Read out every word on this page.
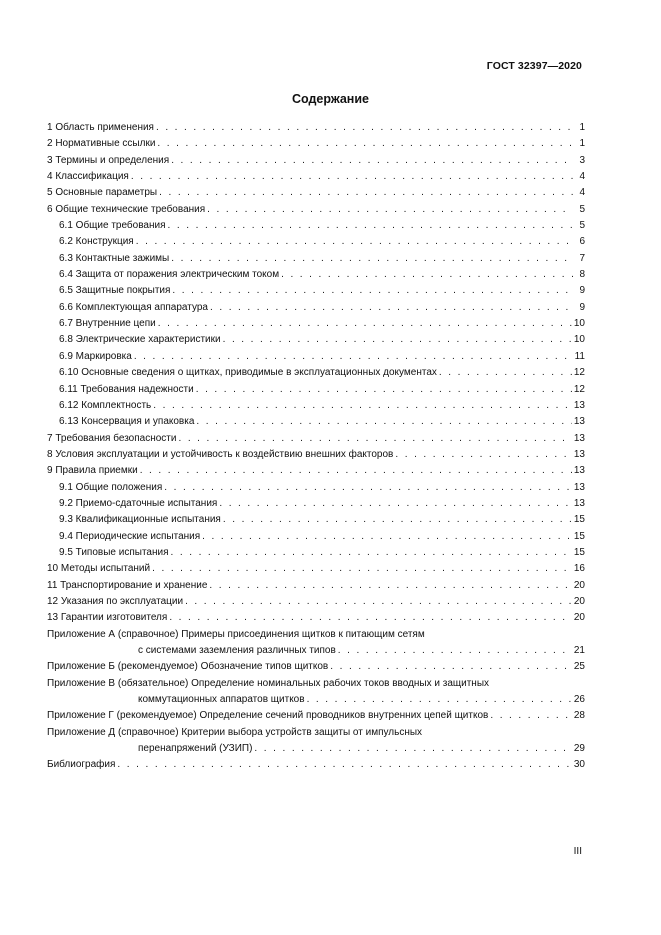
ГОСТ 32397—2020
Содержание
1 Область применения . . .	1
2 Нормативные ссылки . . .	1
3 Термины и определения . . .	3
4 Классификация . . .	4
5 Основные параметры . . .	4
6 Общие технические требования . . .	5
6.1 Общие требования . . .	5
6.2 Конструкция . . .	6
6.3 Контактные зажимы . . .	7
6.4 Защита от поражения электрическим током . . .	8
6.5 Защитные покрытия . . .	9
6.6 Комплектующая аппаратура . . .	9
6.7 Внутренние цепи . . .	10
6.8 Электрические характеристики . . .	10
6.9 Маркировка . . .	11
6.10 Основные сведения о щитках, приводимые в эксплуатационных документах . . .	12
6.11 Требования надежности . . .	12
6.12 Комплектность . . .	13
6.13 Консервация и упаковка . . .	13
7 Требования безопасности . . .	13
8 Условия эксплуатации и устойчивость к воздействию внешних факторов . . .	13
9 Правила приемки . . .	13
9.1 Общие положения . . .	13
9.2 Приемо-сдаточные испытания . . .	13
9.3 Квалификационные испытания . . .	15
9.4 Периодические испытания . . .	15
9.5 Типовые испытания . . .	15
10 Методы испытаний . . .	16
11 Транспортирование и хранение . . .	20
12 Указания по эксплуатации . . .	20
13 Гарантии изготовителя . . .	20
Приложение А (справочное) Примеры присоединения щитков к питающим сетям
с системами заземления различных типов . . .	21
Приложение Б (рекомендуемое) Обозначение типов щитков . . .	25
Приложение В (обязательное) Определение номинальных рабочих токов вводных и защитных
коммутационных аппаратов щитков . . .	26
Приложение Г (рекомендуемое) Определение сечений проводников внутренних цепей щитков . . .	28
Приложение Д (справочное) Критерии выбора устройств защиты от импульсных
перенапряжений (УЗИП) . . .	29
Библиография . . .	30
III
